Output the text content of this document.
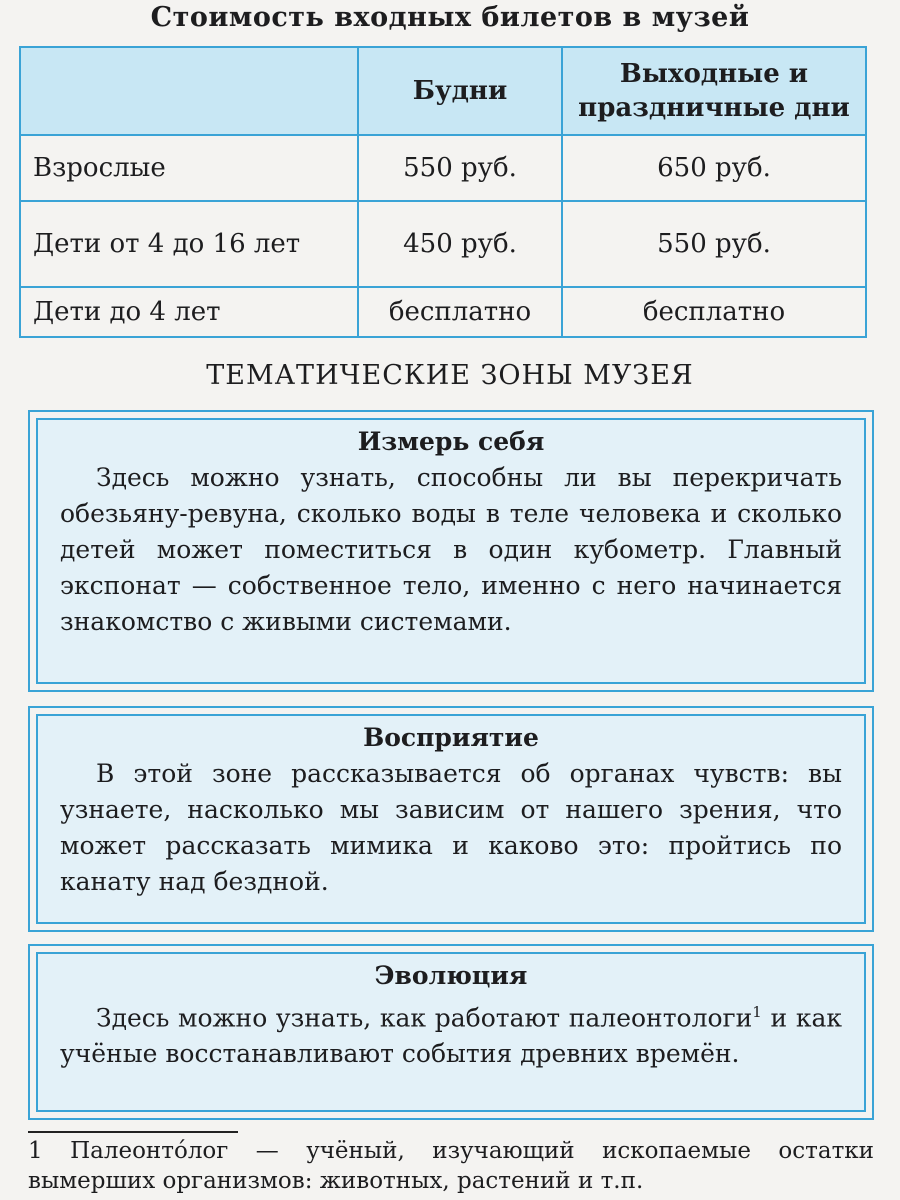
Стоимость входных билетов в музей
	Будни	Выходные и праздничные дни
Взрослые	550 руб.	650 руб.
Дети от 4 до 16 лет	450 руб.	550 руб.
Дети до 4 лет	бесплатно	бесплатно
ТЕМАТИЧЕСКИЕ ЗОНЫ МУЗЕЯ
Измерь себя

Здесь можно узнать, способны ли вы перекричать обезьяну-ревуна, сколько воды в теле человека и сколько детей может поместиться в один кубометр. Главный экспонат — собственное тело, именно с него начинается знакомство с живыми системами.

Восприятие

В этой зоне рассказывается об органах чувств: вы узнаете, насколько мы зависим от нашего зрения, что может рассказать мимика и каково это: пройтись по канату над бездной.

Эволюция

Здесь можно узнать, как работают палеонтологи$^1$ и как учёные восстанавливают события древних времён.

1 Палеонто́лог — учёный, изучающий ископаемые остатки вымерших организмов: животных, растений и т.п.
